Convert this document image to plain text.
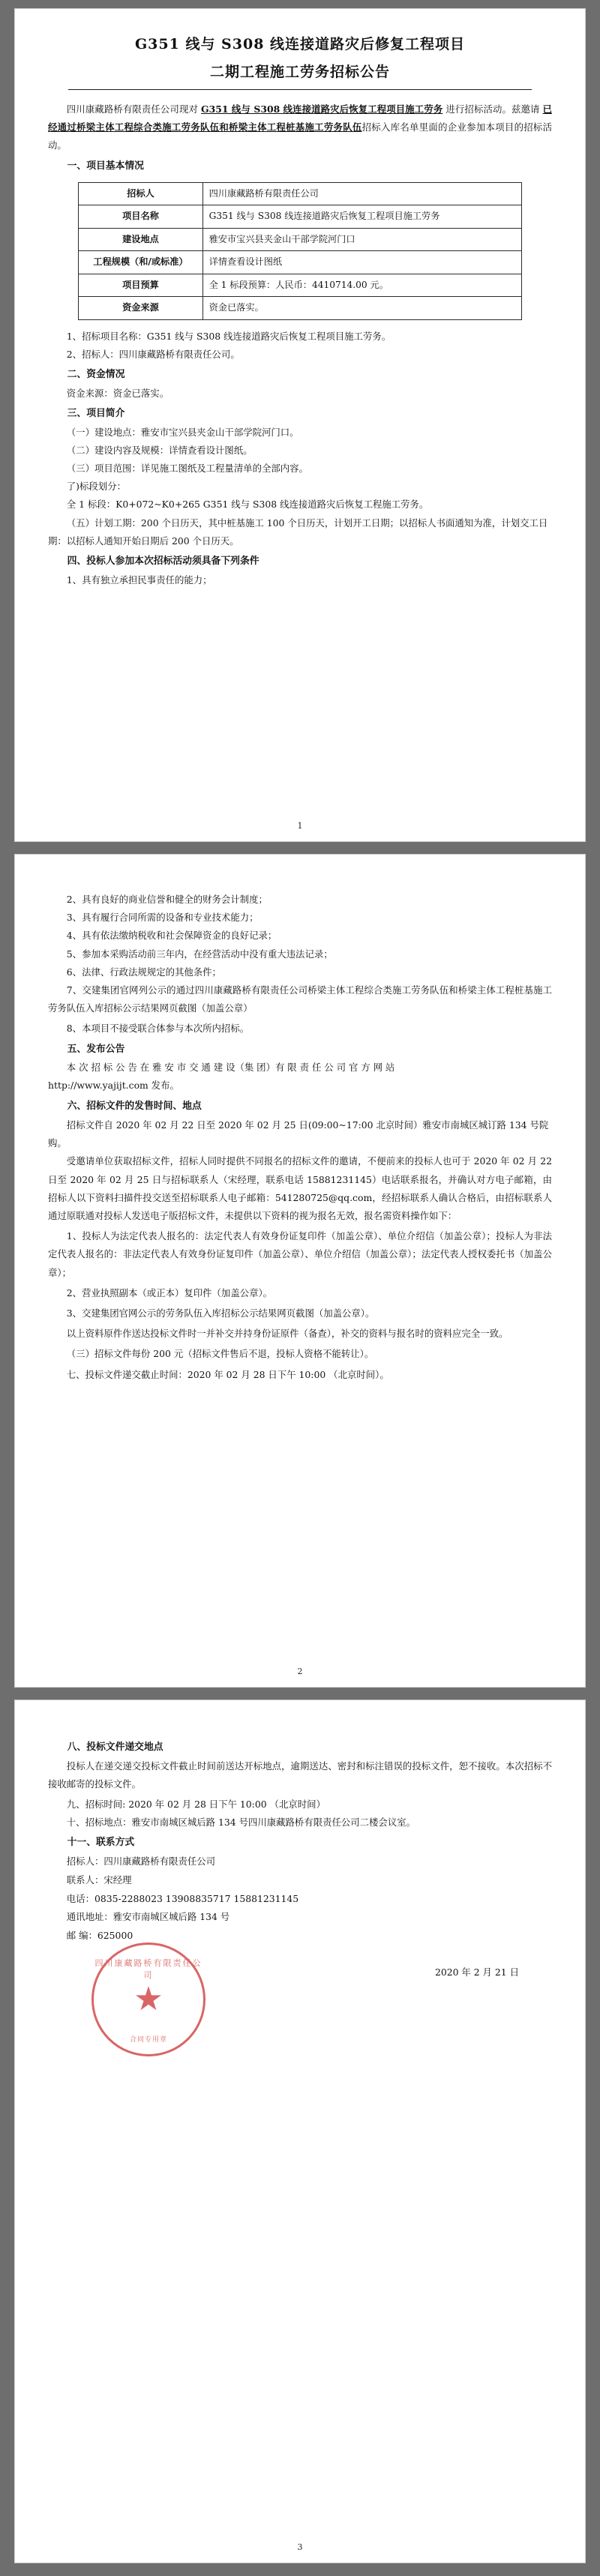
G351 线与 S308 线连接道路灾后修复工程项目
二期工程施工劳务招标公告

四川康藏路桥有限责任公司现对 G351 线与 S308 线连接道路灾后恢复工程项目施工劳务 进行招标活动。兹邀请 已经通过桥梁主体工程综合类施工劳务队伍和桥梁主体工程桩基施工劳务队伍招标入库名单里面的企业参加本项目的招标活动。

一、项目基本情况

招标人	四川康藏路桥有限责任公司
项目名称	G351 线与 S308 线连接道路灾后恢复工程项目施工劳务
建设地点	雅安市宝兴县夹金山干部学院河门口
工程规模（和/或标准）	详情查看设计图纸
项目预算	全 1 标段预算：人民币：4410714.00 元。
资金来源	资金已落实。

1、招标项目名称：G351 线与 S308 线连接道路灾后恢复工程项目施工劳务。

2、招标人：四川康藏路桥有限责任公司。

二、资金情况

资金来源：资金已落实。

三、项目简介

（一）建设地点：雅安市宝兴县夹金山干部学院河门口。

（二）建设内容及规模：详情查看设计图纸。

（三）项目范围：详见施工图纸及工程量清单的全部内容。

了)标段划分：

全 1 标段：K0+072~K0+265 G351 线与 S308 线连接道路灾后恢复工程施工劳务。

（五）计划工期：200 个日历天，其中桩基施工 100 个日历天，计划开工日期；以招标人书面通知为准，计划交工日期：以招标人通知开始日期后 200 个日历天。

四、投标人参加本次招标活动须具备下列条件

1、具有独立承担民事责任的能力；

1

2、具有良好的商业信誉和健全的财务会计制度；

3、具有履行合同所需的设备和专业技术能力；

4、具有依法缴纳税收和社会保障资金的良好记录；

5、参加本采购活动前三年内，在经营活动中没有重大违法记录；

6、法律、行政法规规定的其他条件；

7、交建集团官网列公示的通过四川康藏路桥有限责任公司桥梁主体工程综合类施工劳务队伍和桥梁主体工程桩基施工劳务队伍入库招标公示结果网页截图（加盖公章）

8、本项目不接受联合体参与本次所内招标。

五、发布公告

本 次 招 标 公 告 在 雅 安 市 交 通 建 设（集 团）有 限 责 任 公 司 官 方 网 站
http://www.yajijt.com 发布。

六、招标文件的发售时间、地点

招标文件自 2020 年 02 月 22 日至 2020 年 02 月 25 日(09:00~17:00 北京时间）雅安市南城区城订路 134 号院购。

受邀请单位获取招标文件，招标人同时提供不同报名的招标文件的邀请，不便前来的投标人也可于 2020 年 02 月 22 日至 2020 年 02 月 25 日与招标联系人（宋经理，联系电话 15881231145）电话联系报名，并确认对方电子邮箱，由招标人以下资料扫描件投交送至招标联系人电子邮箱：541280725@qq.com，经招标联系人确认合格后，由招标联系人通过原联通对投标人发送电子版招标文件，未提供以下资料的视为报名无效，报名需资料操作如下：

1、投标人为法定代表人报名的：法定代表人有效身份证复印件（加盖公章）、单位介绍信（加盖公章）；投标人为非法定代表人报名的：非法定代表人有效身份证复印件（加盖公章）、单位介绍信（加盖公章）；法定代表人授权委托书（加盖公章）；

2、营业执照副本（或正本）复印件（加盖公章）。

3、交建集团官网公示的劳务队伍入库招标公示结果网页截图（加盖公章）。

以上资料原件作送达投标文件时一并补交并持身份证原件（备查），补交的资料与报名时的资料应完全一致。

（三）招标文件每份 200 元（招标文件售后不退，投标人资格不能转让）。

七、投标文件递交截止时间：2020 年 02 月 28 日下午 10:00 （北京时间）。

2

八、投标文件递交地点

投标人在递交递交投标文件截止时间前送达开标地点，逾期送达、密封和标注错误的投标文件，恕不接收。本次招标不接收邮寄的投标文件。

九、招标时间: 2020 年 02 月 28 日下午 10:00 （北京时间）

十、招标地点：雅安市南城区城后路 134 号四川康藏路桥有限责任公司二楼会议室。

十一、联系方式

四川康藏路桥有限责任公司
★
合同专用章

招标人：四川康藏路桥有限责任公司

联系人：宋经理

电话：0835-2288023 13908835717 15881231145

通讯地址：雅安市南城区城后路 134 号

邮 编：625000

2020 年 2 月 21 日
3
